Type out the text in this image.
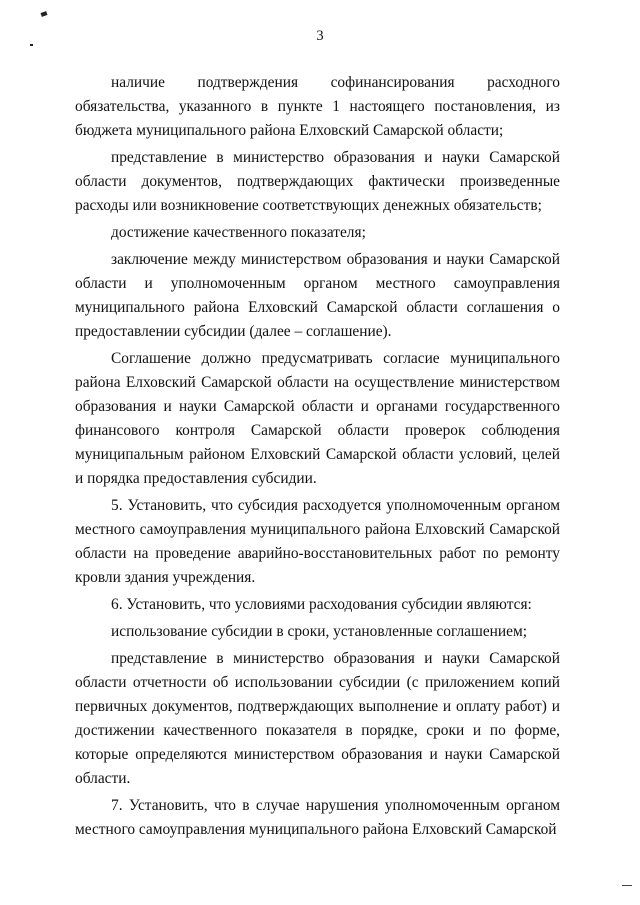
3

наличие подтверждения софинансирования расходного обязательства, указанного в пункте 1 настоящего постановления, из бюджета муниципального района Елховский Самарской области;

представление в министерство образования и науки Самарской области документов, подтверждающих фактически произведенные расходы или возникновение соответствующих денежных обязательств;

достижение качественного показателя;

заключение между министерством образования и науки Самарской области и уполномоченным органом местного самоуправления муниципального района Елховский Самарской области соглашения о предоставлении субсидии (далее – соглашение).

Соглашение должно предусматривать согласие муниципального района Елховский Самарской области на осуществление министерством образования и науки Самарской области и органами государственного финансового контроля Самарской области проверок соблюдения муниципальным районом Елховский Самарской области условий, целей и порядка предоставления субсидии.

5. Установить, что субсидия расходуется уполномоченным органом местного самоуправления муниципального района Елховский Самарской области на проведение аварийно-восстановительных работ по ремонту кровли здания учреждения.

6. Установить, что условиями расходования субсидии являются:

использование субсидии в сроки, установленные соглашением;

представление в министерство образования и науки Самарской области отчетности об использовании субсидии (с приложением копий первичных документов, подтверждающих выполнение и оплату работ) и достижении качественного показателя в порядке, сроки и по форме, которые определяются министерством образования и науки Самарской области.

7. Установить, что в случае нарушения уполномоченным органом местного самоуправления муниципального района Елховский Самарской
